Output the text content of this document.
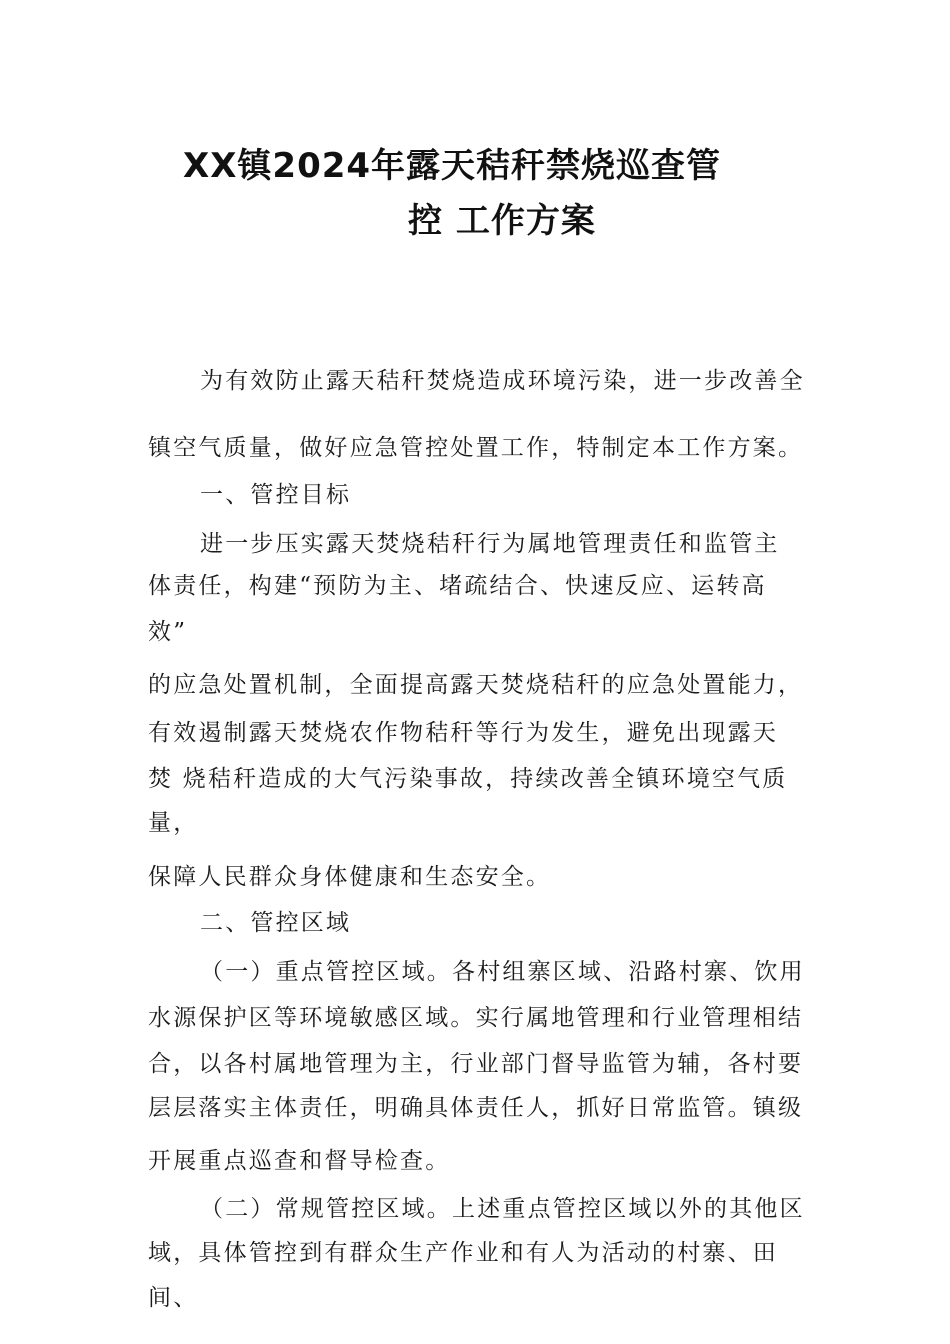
XX镇2024年露天秸秆禁烧巡查管
控 工作方案
为有效防止露天秸秆焚烧造成环境污染，进一步改善全
镇空气质量，做好应急管控处置工作，特制定本工作方案。
一、管控目标
进一步压实露天焚烧秸秆行为属地管理责任和监管主
体责任，构建“预防为主、堵疏结合、快速反应、运转高
效”
的应急处置机制，全面提高露天焚烧秸秆的应急处置能力，
有效遏制露天焚烧农作物秸秆等行为发生，避免出现露天
焚 烧秸秆造成的大气污染事故，持续改善全镇环境空气质
量，
保障人民群众身体健康和生态安全。
二、管控区域
（一）重点管控区域。各村组寨区域、沿路村寨、饮用
水源保护区等环境敏感区域。实行属地管理和行业管理相结
合，以各村属地管理为主，行业部门督导监管为辅，各村要
层层落实主体责任，明确具体责任人，抓好日常监管。镇级
开展重点巡查和督导检查。
（二）常规管控区域。上述重点管控区域以外的其他区
域，具体管控到有群众生产作业和有人为活动的村寨、田
间、
